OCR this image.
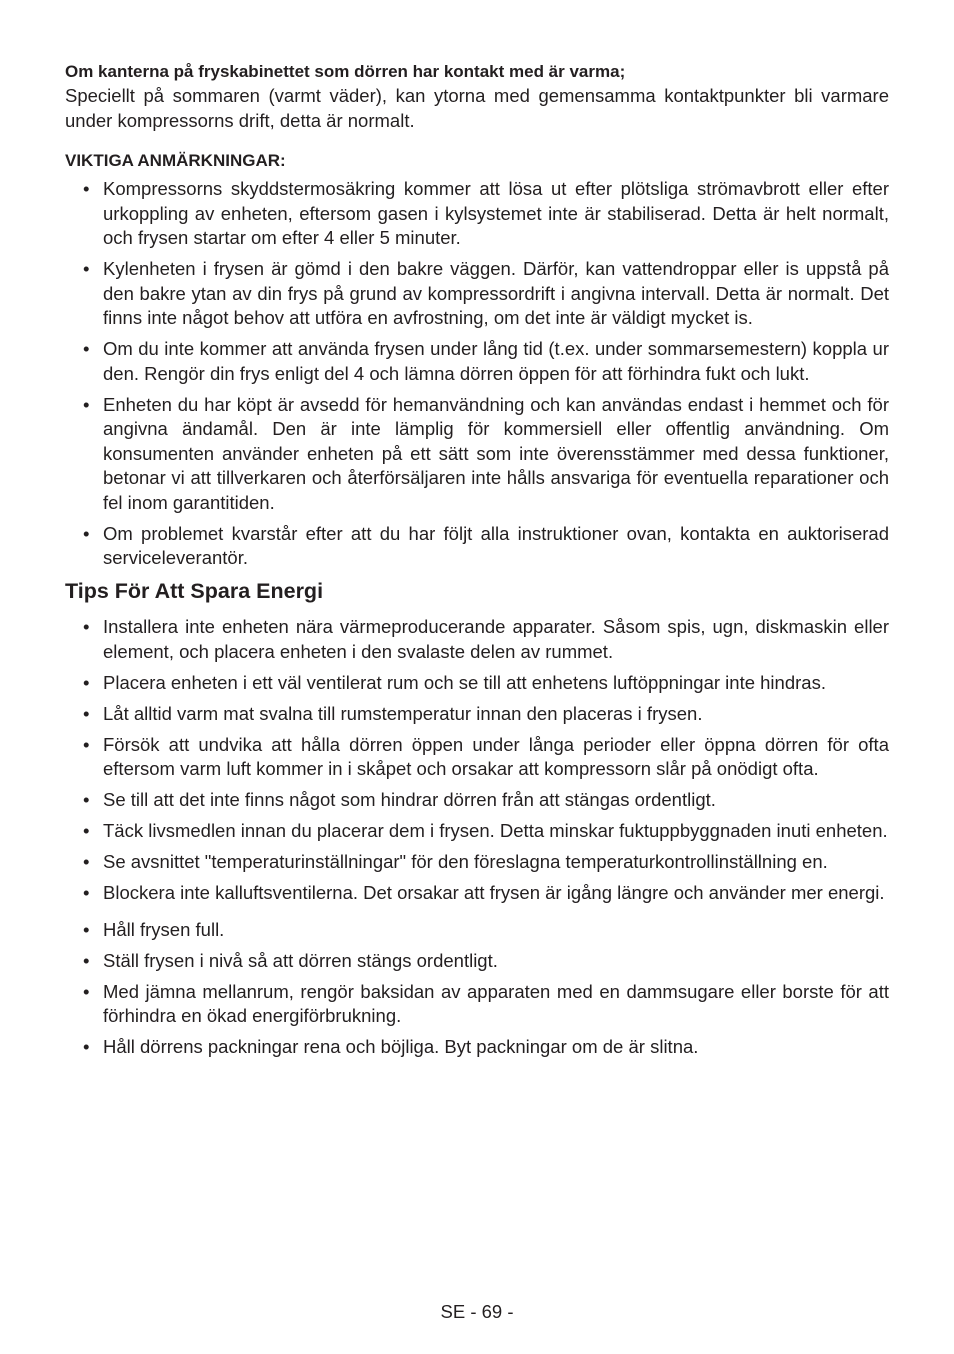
Om kanterna på fryskabinettet som dörren har kontakt med är varma;

Speciellt på sommaren (varmt väder), kan ytorna med gemensamma kontaktpunkter bli varmare under kompressorns drift, detta är normalt.

VIKTIGA ANMÄRKNINGAR:

• Kompressorns skyddstermosäkring kommer att lösa ut efter plötsliga strömavbrott eller efter urkoppling av enheten, eftersom gasen i kylsystemet inte är stabiliserad. Detta är helt normalt, och frysen startar om efter 4 eller 5 minuter.
• Kylenheten i frysen är gömd i den bakre väggen. Därför, kan vattendroppar eller is uppstå på den bakre ytan av din frys på grund av kompressordrift i angivna intervall. Detta är normalt. Det finns inte något behov att utföra en avfrostning, om det inte är väldigt mycket is.
• Om du inte kommer att använda frysen under lång tid (t.ex. under sommarsemestern) koppla ur den. Rengör din frys enligt del 4 och lämna dörren öppen för att förhindra fukt och lukt.
• Enheten du har köpt är avsedd för hemanvändning och kan användas endast i hemmet och för angivna ändamål. Den är inte lämplig för kommersiell eller offentlig användning. Om konsumenten använder enheten på ett sätt som inte överensstämmer med dessa funktioner, betonar vi att tillverkaren och återförsäljaren inte hålls ansvariga för eventuella reparationer och fel inom garantitiden.
• Om problemet kvarstår efter att du har följt alla instruktioner ovan, kontakta en auktoriserad serviceleverantör.
Tips För Att Spara Energi
• Installera inte enheten nära värmeproducerande apparater. Såsom spis, ugn, diskmaskin eller element, och placera enheten i den svalaste delen av rummet.
• Placera enheten i ett väl ventilerat rum och se till att enhetens luftöppningar inte hindras.
• Låt alltid varm mat svalna till rumstemperatur innan den placeras i frysen.
• Försök att undvika att hålla dörren öppen under långa perioder eller öppna dörren för ofta eftersom varm luft kommer in i skåpet och orsakar att kompressorn slår på onödigt ofta.
• Se till att det inte finns något som hindrar dörren från att stängas ordentligt.
• Täck livsmedlen innan du placerar dem i frysen. Detta minskar fuktuppbyggnaden inuti enheten.
• Se avsnittet "temperaturinställningar" för den föreslagna temperaturkontrollinställning en.
• Blockera inte kalluftsventilerna. Det orsakar att frysen är igång längre och använder mer energi.
• Håll frysen full.
• Ställ frysen i nivå så att dörren stängs ordentligt.
• Med jämna mellanrum, rengör baksidan av apparaten med en dammsugare eller borste för att förhindra en ökad energiförbrukning.
• Håll dörrens packningar rena och böjliga. Byt packningar om de är slitna.
SE - 69 -
